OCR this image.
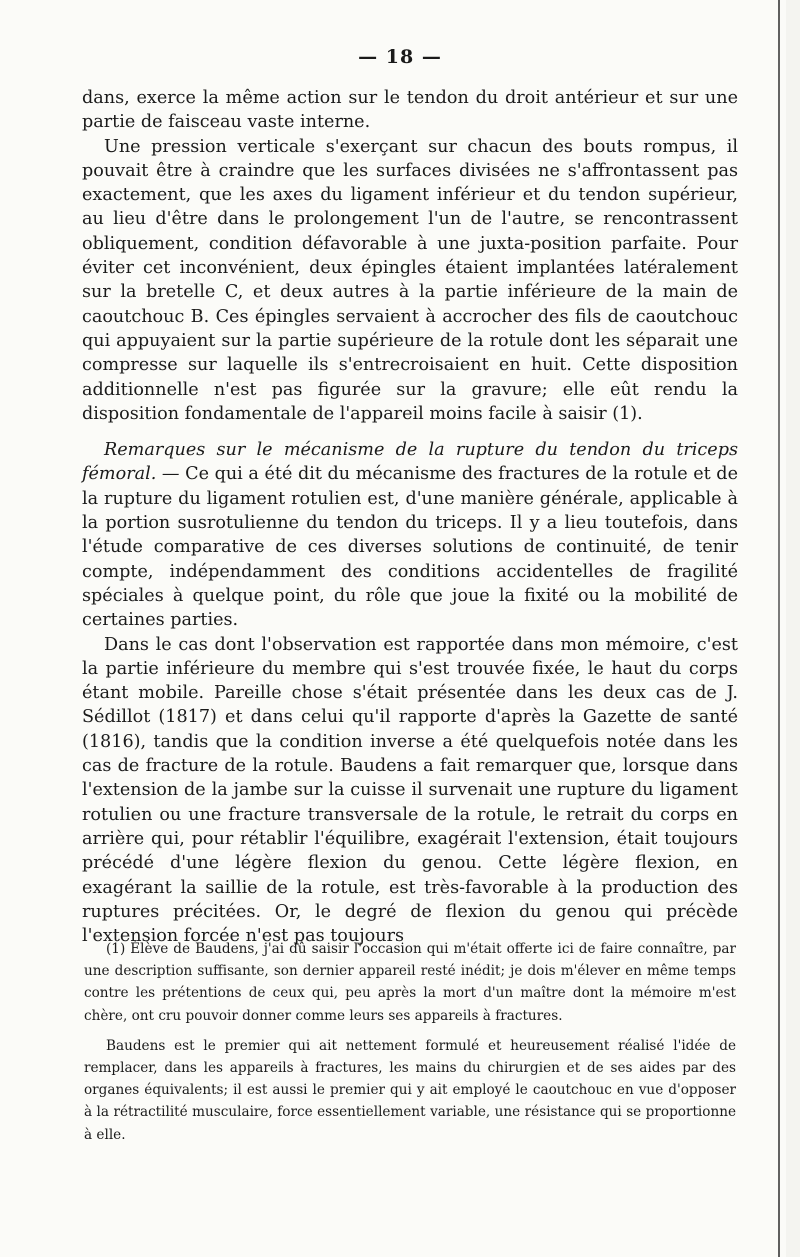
— 18 —

dans, exerce la même action sur le tendon du droit antérieur et sur une partie de faisceau vaste interne.

Une pression verticale s'exerçant sur chacun des bouts rompus, il pouvait être à craindre que les surfaces divisées ne s'affrontassent pas exactement, que les axes du ligament inférieur et du tendon supérieur, au lieu d'être dans le prolongement l'un de l'autre, se rencontrassent obliquement, condition défavorable à une juxta-position parfaite. Pour éviter cet inconvénient, deux épingles étaient implantées latéralement sur la bretelle C, et deux autres à la partie inférieure de la main de caoutchouc B. Ces épingles servaient à accrocher des fils de caoutchouc qui appuyaient sur la partie supérieure de la rotule dont les séparait une compresse sur laquelle ils s'entrecroisaient en huit. Cette disposition additionnelle n'est pas figurée sur la gravure; elle eût rendu la disposition fondamentale de l'appareil moins facile à saisir (1).

Remarques sur le mécanisme de la rupture du tendon du triceps fémoral. — Ce qui a été dit du mécanisme des fractures de la rotule et de la rupture du ligament rotulien est, d'une manière générale, applicable à la portion susrotulienne du tendon du triceps. Il y a lieu toutefois, dans l'étude comparative de ces diverses solutions de continuité, de tenir compte, indépendamment des conditions accidentelles de fragilité spéciales à quelque point, du rôle que joue la fixité ou la mobilité de certaines parties.

Dans le cas dont l'observation est rapportée dans mon mémoire, c'est la partie inférieure du membre qui s'est trouvée fixée, le haut du corps étant mobile. Pareille chose s'était présentée dans les deux cas de J. Sédillot (1817) et dans celui qu'il rapporte d'après la Gazette de santé (1816), tandis que la condition inverse a été quelquefois notée dans les cas de fracture de la rotule. Baudens a fait remarquer que, lorsque dans l'extension de la jambe sur la cuisse il survenait une rupture du ligament rotulien ou une fracture transversale de la rotule, le retrait du corps en arrière qui, pour rétablir l'équilibre, exagérait l'extension, était toujours précédé d'une légère flexion du genou. Cette légère flexion, en exagérant la saillie de la rotule, est très-favorable à la production des ruptures précitées. Or, le degré de flexion du genou qui précède l'extension forcée n'est pas toujours

(1) Élève de Baudens, j'ai dû saisir l'occasion qui m'était offerte ici de faire connaître, par une description suffisante, son dernier appareil resté inédit; je dois m'élever en même temps contre les prétentions de ceux qui, peu après la mort d'un maître dont la mémoire m'est chère, ont cru pouvoir donner comme leurs ses appareils à fractures.

Baudens est le premier qui ait nettement formulé et heureusement réalisé l'idée de remplacer, dans les appareils à fractures, les mains du chirurgien et de ses aides par des organes équivalents; il est aussi le premier qui y ait employé le caoutchouc en vue d'opposer à la rétractilité musculaire, force essentiellement variable, une résistance qui se proportionne à elle.
